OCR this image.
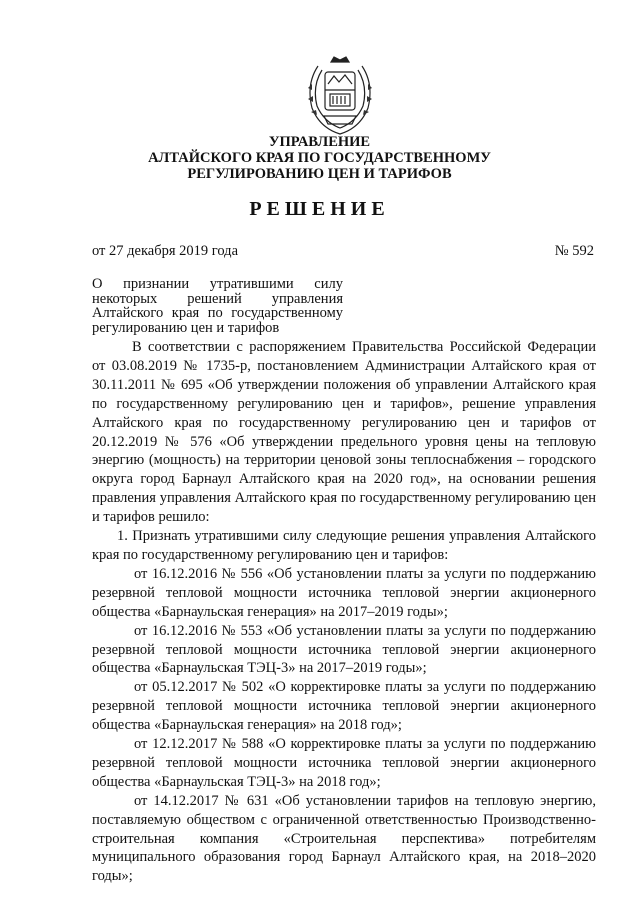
УПРАВЛЕНИЕ
АЛТАЙСКОГО КРАЯ ПО ГОСУДАРСТВЕННОМУ
РЕГУЛИРОВАНИЮ ЦЕН И ТАРИФОВ
РЕШЕНИЕ
от 27 декабря 2019 года	№ 592
О признании утратившими силу некоторых решений управления Алтайского края по государственному регулированию цен и тарифов

В соответствии с распоряжением Правительства Российской Федерации от 03.08.2019 № 1735-р, постановлением Администрации Алтайского края от 30.11.2011 № 695 «Об утверждении положения об управлении Алтайского края по государственному регулированию цен и тарифов», решение управления Алтайского края по государственному регулированию цен и тарифов от 20.12.2019 № 576 «Об утверждении предельного уровня цены на тепловую энергию (мощность) на территории ценовой зоны теплоснабжения – городского округа город Барнаул Алтайского края на 2020 год», на основании решения правления управления Алтайского края по государственному регулированию цен и тарифов решило:

1. Признать утратившими силу следующие решения управления Алтайского края по государственному регулированию цен и тарифов:

от 16.12.2016 № 556 «Об установлении платы за услуги по поддержанию резервной тепловой мощности источника тепловой энергии акционерного общества «Барнаульская генерация» на 2017–2019 годы»;

от 16.12.2016 № 553 «Об установлении платы за услуги по поддержанию резервной тепловой мощности источника тепловой энергии акционерного общества «Барнаульская ТЭЦ-3» на 2017–2019 годы»;

от 05.12.2017 № 502 «О корректировке платы за услуги по поддержанию резервной тепловой мощности источника тепловой энергии акционерного общества «Барнаульская генерация» на 2018 год»;

от 12.12.2017 № 588 «О корректировке платы за услуги по поддержанию резервной тепловой мощности источника тепловой энергии акционерного общества «Барнаульская ТЭЦ-3» на 2018 год»;

от 14.12.2017 № 631 «Об установлении тарифов на тепловую энергию, поставляемую обществом с ограниченной ответственностью Производственно-строительная компания «Строительная перспектива» потребителям муниципального образования город Барнаул Алтайского края, на 2018–2020 годы»;
